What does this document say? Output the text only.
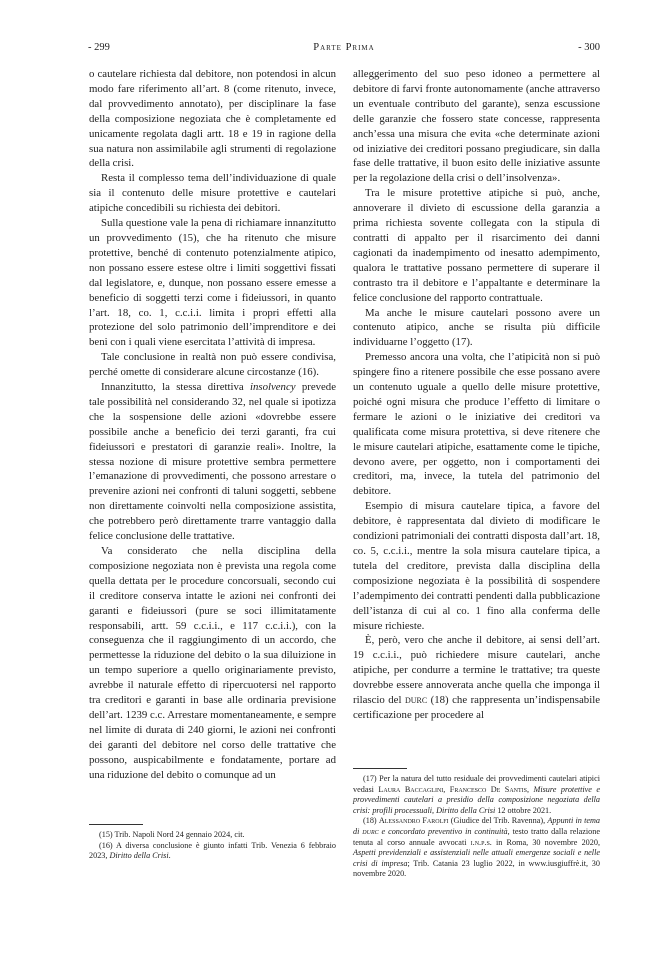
- 299	Parte Prima	- 300

o cautelare richiesta dal debitore, non potendosi in alcun modo fare riferimento all’art. 8 (come ritenuto, invece, dal provvedimento annotato), per disciplinare la fase della composizione negoziata che è completamente ed unicamente regolata dagli artt. 18 e 19 in ragione della sua natura non assimilabile agli strumenti di regolazione della crisi.

Resta il complesso tema dell’individuazione di quale sia il contenuto delle misure protettive e cautelari atipiche concedibili su richiesta dei debitori.

Sulla questione vale la pena di richiamare innanzitutto un provvedimento (15), che ha ritenuto che misure protettive, benché di contenuto potenzialmente atipico, non possano essere estese oltre i limiti soggettivi fissati dal legislatore, e, dunque, non possano essere emesse a beneficio di soggetti terzi come i fideiussori, in quanto l’art. 18, co. 1, c.c.i.i. limita i propri effetti alla protezione del solo patrimonio dell’imprenditore e dei beni con i quali viene esercitata l’attività di impresa.

Tale conclusione in realtà non può essere condivisa, perché omette di considerare alcune circostanze (16).

Innanzitutto, la stessa direttiva insolvency prevede tale possibilità nel considerando 32, nel quale si ipotizza che la sospensione delle azioni «dovrebbe essere possibile anche a beneficio dei terzi garanti, fra cui fideiussori e prestatori di garanzie reali». Inoltre, la stessa nozione di misure protettive sembra permettere l’emanazione di provvedimenti, che possono arrestare o prevenire azioni nei confronti di taluni soggetti, sebbene non direttamente coinvolti nella composizione assistita, che potrebbero però direttamente trarre vantaggio dalla felice conclusione delle trattative.

Va considerato che nella disciplina della composizione negoziata non è prevista una regola come quella dettata per le procedure concorsuali, secondo cui il creditore conserva intatte le azioni nei confronti dei garanti e fideiussori (pure se soci illimitatamente responsabili, artt. 59 c.c.i.i., e 117 c.c.i.i.), con la conseguenza che il raggiungimento di un accordo, che permettesse la riduzione del debito o la sua diluizione in un tempo superiore a quello originariamente previsto, avrebbe il naturale effetto di ripercuotersi nel rapporto tra creditori e garanti in base alle ordinaria previsione dell’art. 1239 c.c. Arrestare momentaneamente, e sempre nel limite di durata di 240 giorni, le azioni nei confronti dei garanti del debitore nel corso delle trattative che possono, auspicabilmente e fondatamente, portare ad una riduzione del debito o comunque ad un

(15) Trib. Napoli Nord 24 gennaio 2024, cit.

(16) A diversa conclusione è giunto infatti Trib. Venezia 6 febbraio 2023, Diritto della Crisi.

alleggerimento del suo peso idoneo a permettere al debitore di farvi fronte autonomamente (anche attraverso un eventuale contributo del garante), senza escussione delle garanzie che fossero state concesse, rappresenta anch’essa una misura che evita «che determinate azioni od iniziative dei creditori possano pregiudicare, sin dalla fase delle trattative, il buon esito delle iniziative assunte per la regolazione della crisi o dell’insolvenza».

Tra le misure protettive atipiche si può, anche, annoverare il divieto di escussione della garanzia a prima richiesta sovente collegata con la stipula di contratti di appalto per il risarcimento dei danni cagionati da inadempimento od inesatto adempimento, qualora le trattative possano permettere di superare il contrasto tra il debitore e l’appaltante e determinare la felice conclusione del rapporto contrattuale.

Ma anche le misure cautelari possono avere un contenuto atipico, anche se risulta più difficile individuarne l’oggetto (17).

Premesso ancora una volta, che l’atipicità non si può spingere fino a ritenere possibile che esse possano avere un contenuto uguale a quello delle misure protettive, poiché ogni misura che produce l’effetto di limitare o fermare le azioni o le iniziative dei creditori va qualificata come misura protettiva, si deve ritenere che le misure cautelari atipiche, esattamente come le tipiche, devono avere, per oggetto, non i comportamenti dei creditori, ma, invece, la tutela del patrimonio del debitore.

Esempio di misura cautelare tipica, a favore del debitore, è rappresentata dal divieto di modificare le condizioni patrimoniali dei contratti disposta dall’art. 18, co. 5, c.c.i.i., mentre la sola misura cautelare tipica, a tutela del creditore, prevista dalla disciplina della composizione negoziata è la possibilità di sospendere l’adempimento dei contratti pendenti dalla pubblicazione dell’istanza di cui al co. 1 fino alla conferma delle misure richieste.

È, però, vero che anche il debitore, ai sensi dell’art. 19 c.c.i.i., può richiedere misure cautelari, anche atipiche, per condurre a termine le trattative; tra queste dovrebbe essere annoverata anche quella che imponga il rilascio del durc (18) che rappresenta un’indispensabile certificazione per procedere al

(17) Per la natura del tutto residuale dei provvedimenti cautelari atipici vedasi Laura Baccaglini, Francesco De Santis, Misure protettive e provvedimenti cautelari a presidio della composizione negoziata della crisi: profili processuali, Diritto della Crisi 12 ottobre 2021.

(18) Alessandro Farolfi (Giudice del Trib. Ravenna), Appunti in tema di durc e concordato preventivo in continuità, testo tratto dalla relazione tenuta al corso annuale avvocati i.n.p.s. in Roma, 30 novembre 2020, Aspetti previdenziali e assistenziali nelle attuali emergenze sociali e nelle crisi di impresa; Trib. Catania 23 luglio 2022, in www.iusgiuffrè.it, 30 novembre 2020.
